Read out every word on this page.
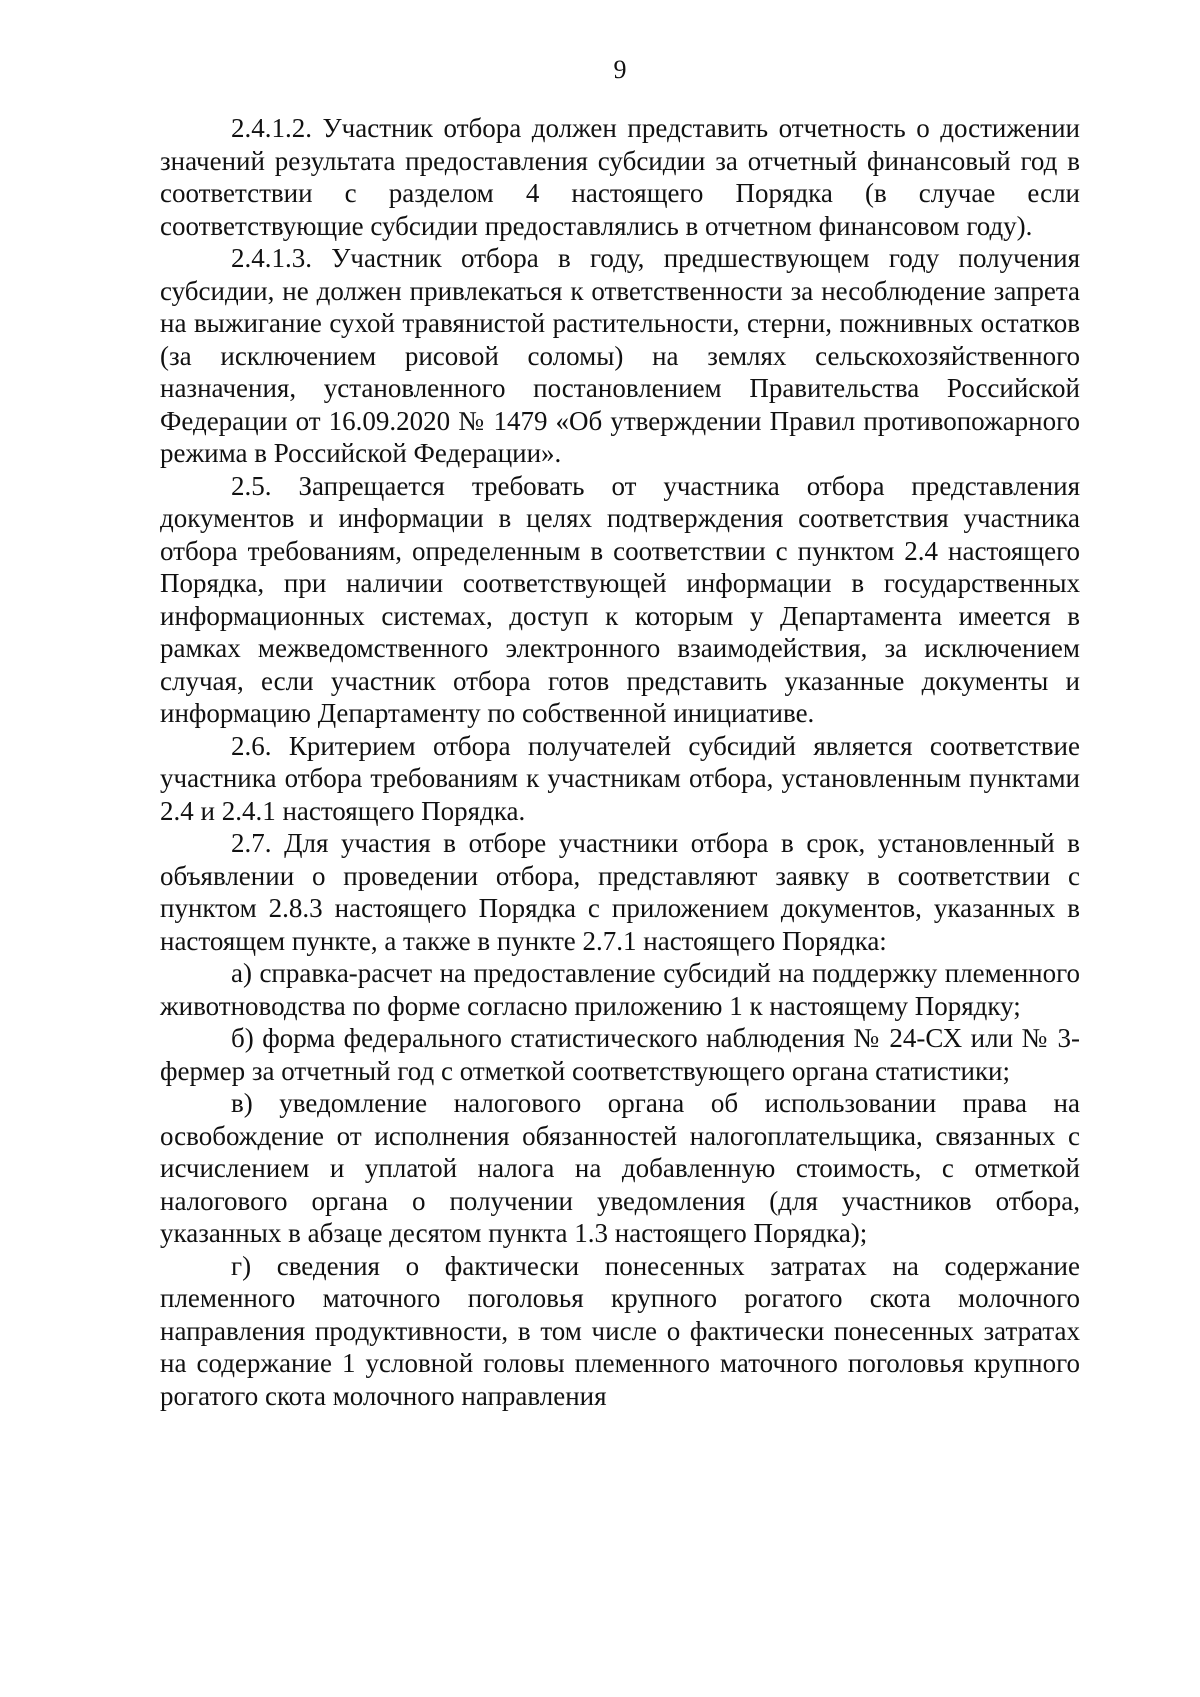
9

2.4.1.2. Участник отбора должен представить отчетность о достижении значений результата предоставления субсидии за отчетный финансовый год в соответствии с разделом 4 настоящего Порядка (в случае если соответствующие субсидии предоставлялись в отчетном финансовом году).

2.4.1.3. Участник отбора в году, предшествующем году получения субсидии, не должен привлекаться к ответственности за несоблюдение запрета на выжигание сухой травянистой растительности, стерни, пожнивных остатков (за исключением рисовой соломы) на землях сельскохозяйственного назначения, установленного постановлением Правительства Российской Федерации от 16.09.2020 № 1479 «Об утверждении Правил противопожарного режима в Российской Федерации».

2.5. Запрещается требовать от участника отбора представления документов и информации в целях подтверждения соответствия участника отбора требованиям, определенным в соответствии с пунктом 2.4 настоящего Порядка, при наличии соответствующей информации в государственных информационных системах, доступ к которым у Департамента имеется в рамках межведомственного электронного взаимодействия, за исключением случая, если участник отбора готов представить указанные документы и информацию Департаменту по собственной инициативе.

2.6. Критерием отбора получателей субсидий является соответствие участника отбора требованиям к участникам отбора, установленным пунктами 2.4 и 2.4.1 настоящего Порядка.

2.7. Для участия в отборе участники отбора в срок, установленный в объявлении о проведении отбора, представляют заявку в соответствии с пунктом 2.8.3 настоящего Порядка с приложением документов, указанных в настоящем пункте, а также в пункте 2.7.1 настоящего Порядка:

а) справка-расчет на предоставление субсидий на поддержку племенного животноводства по форме согласно приложению 1 к настоящему Порядку;

б) форма федерального статистического наблюдения № 24-СХ или № 3-фермер за отчетный год с отметкой соответствующего органа статистики;

в) уведомление налогового органа об использовании права на освобождение от исполнения обязанностей налогоплательщика, связанных с исчислением и уплатой налога на добавленную стоимость, с отметкой налогового органа о получении уведомления (для участников отбора, указанных в абзаце десятом пункта 1.3 настоящего Порядка);

г) сведения о фактически понесенных затратах на содержание племенного маточного поголовья крупного рогатого скота молочного направления продуктивности, в том числе о фактически понесенных затратах на содержание 1 условной головы племенного маточного поголовья крупного рогатого скота молочного направления
